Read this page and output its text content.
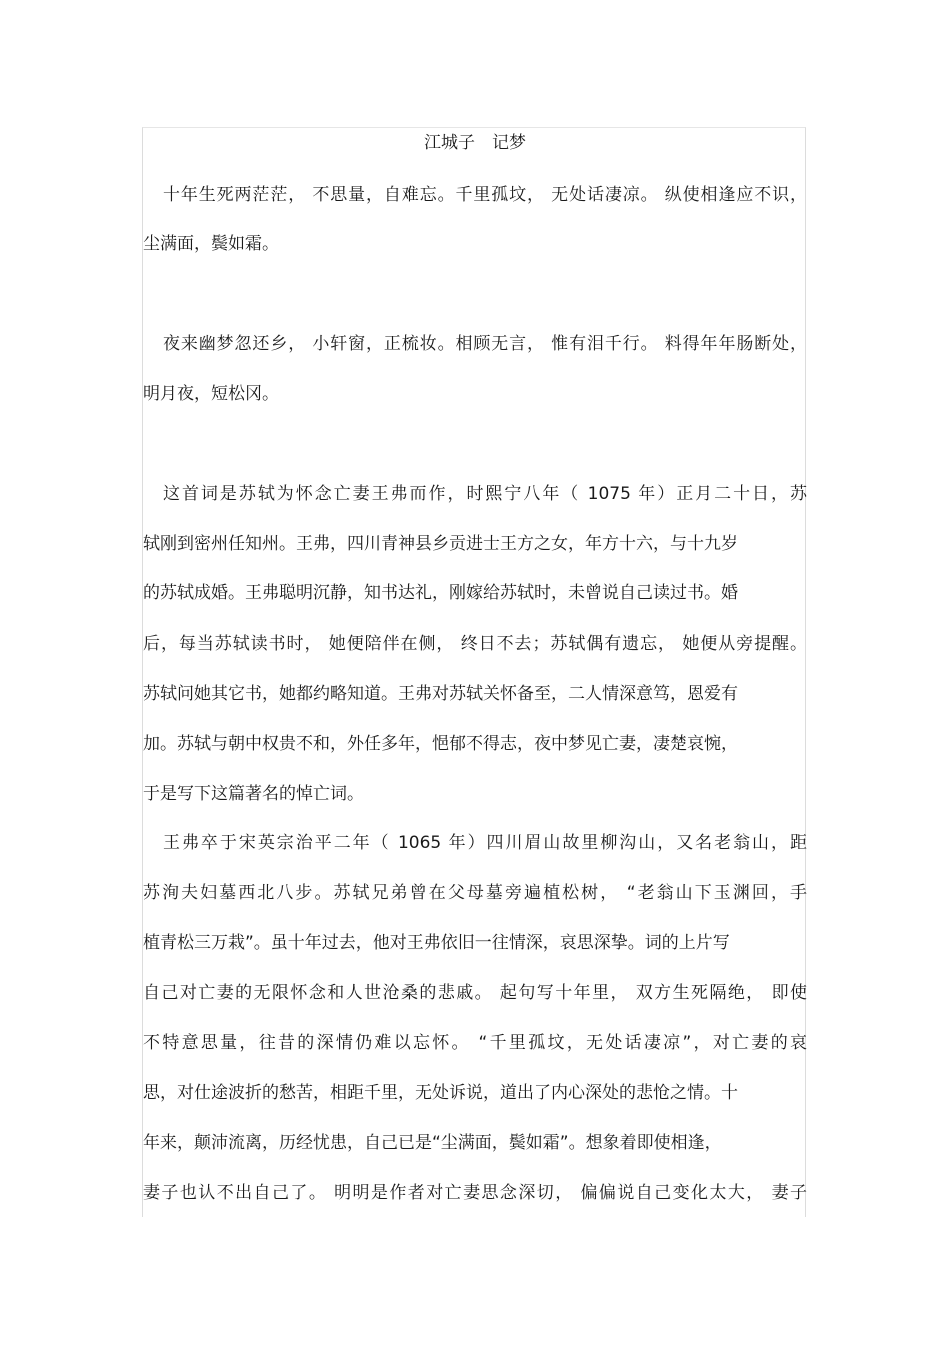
江城子　记梦
十年生死两茫茫， 不思量，自难忘。千里孤坟， 无处话凄凉。 纵使相逢应不识，
尘满面，鬓如霜。
夜来幽梦忽还乡， 小轩窗，正梳妆。相顾无言， 惟有泪千行。 料得年年肠断处，
明月夜，短松冈。
这首词是苏轼为怀念亡妻王弗而作，时熙宁八年（ 1075 年）正月二十日，苏
轼刚到密州任知州。王弗，四川青神县乡贡进士王方之女，年方十六，与十九岁
的苏轼成婚。王弗聪明沉静，知书达礼，刚嫁给苏轼时，未曾说自己读过书。婚
后，每当苏轼读书时， 她便陪伴在侧， 终日不去；苏轼偶有遗忘， 她便从旁提醒。
苏轼问她其它书，她都约略知道。王弗对苏轼关怀备至，二人情深意笃，恩爱有
加。苏轼与朝中权贵不和，外任多年，悒郁不得志，夜中梦见亡妻，凄楚哀惋，
于是写下这篇著名的悼亡词。
王弗卒于宋英宗治平二年（ 1065 年）四川眉山故里柳沟山，又名老翁山，距
苏洵夫妇墓西北八步。苏轼兄弟曾在父母墓旁遍植松树， “老翁山下玉渊回，手
植青松三万栽”。虽十年过去，他对王弗依旧一往情深，哀思深挚。词的上片写
自己对亡妻的无限怀念和人世沧桑的悲戚。 起句写十年里， 双方生死隔绝， 即使
不特意思量，往昔的深情仍难以忘怀。 “千里孤坟，无处话凄凉”，对亡妻的哀
思，对仕途波折的愁苦，相距千里，无处诉说，道出了内心深处的悲怆之情。十
年来，颠沛流离，历经忧患，自己已是“尘满面，鬓如霜”。想象着即使相逢，
妻子也认不出自己了。 明明是作者对亡妻思念深切， 偏偏说自己变化太大， 妻子
